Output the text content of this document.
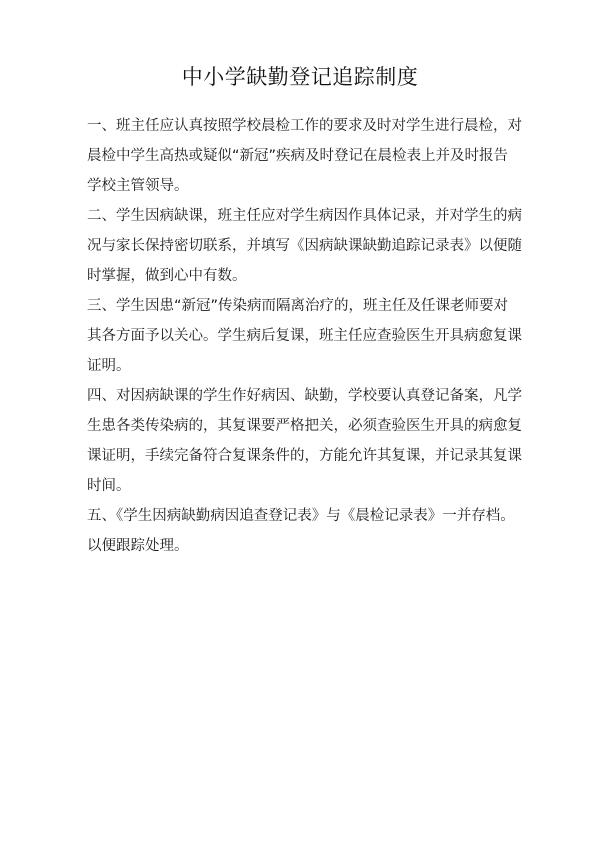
中小学缺勤登记追踪制度

一、班主任应认真按照学校晨检工作的要求及时对学生进行晨检，对
晨检中学生高热或疑似“新冠”疾病及时登记在晨检表上并及时报告
学校主管领导。

二、学生因病缺课，班主任应对学生病因作具体记录，并对学生的病
况与家长保持密切联系，并填写《因病缺课缺勤追踪记录表》以便随
时掌握，做到心中有数。

三、学生因患“新冠”传染病而隔离治疗的，班主任及任课老师要对
其各方面予以关心。学生病后复课，班主任应查验医生开具病愈复课
证明。

四、对因病缺课的学生作好病因、缺勤，学校要认真登记备案，凡学
生患各类传染病的，其复课要严格把关，必须查验医生开具的病愈复
课证明，手续完备符合复课条件的，方能允许其复课，并记录其复课
时间。

五、《学生因病缺勤病因追查登记表》与《晨检记录表》一并存档。
以便跟踪处理。
